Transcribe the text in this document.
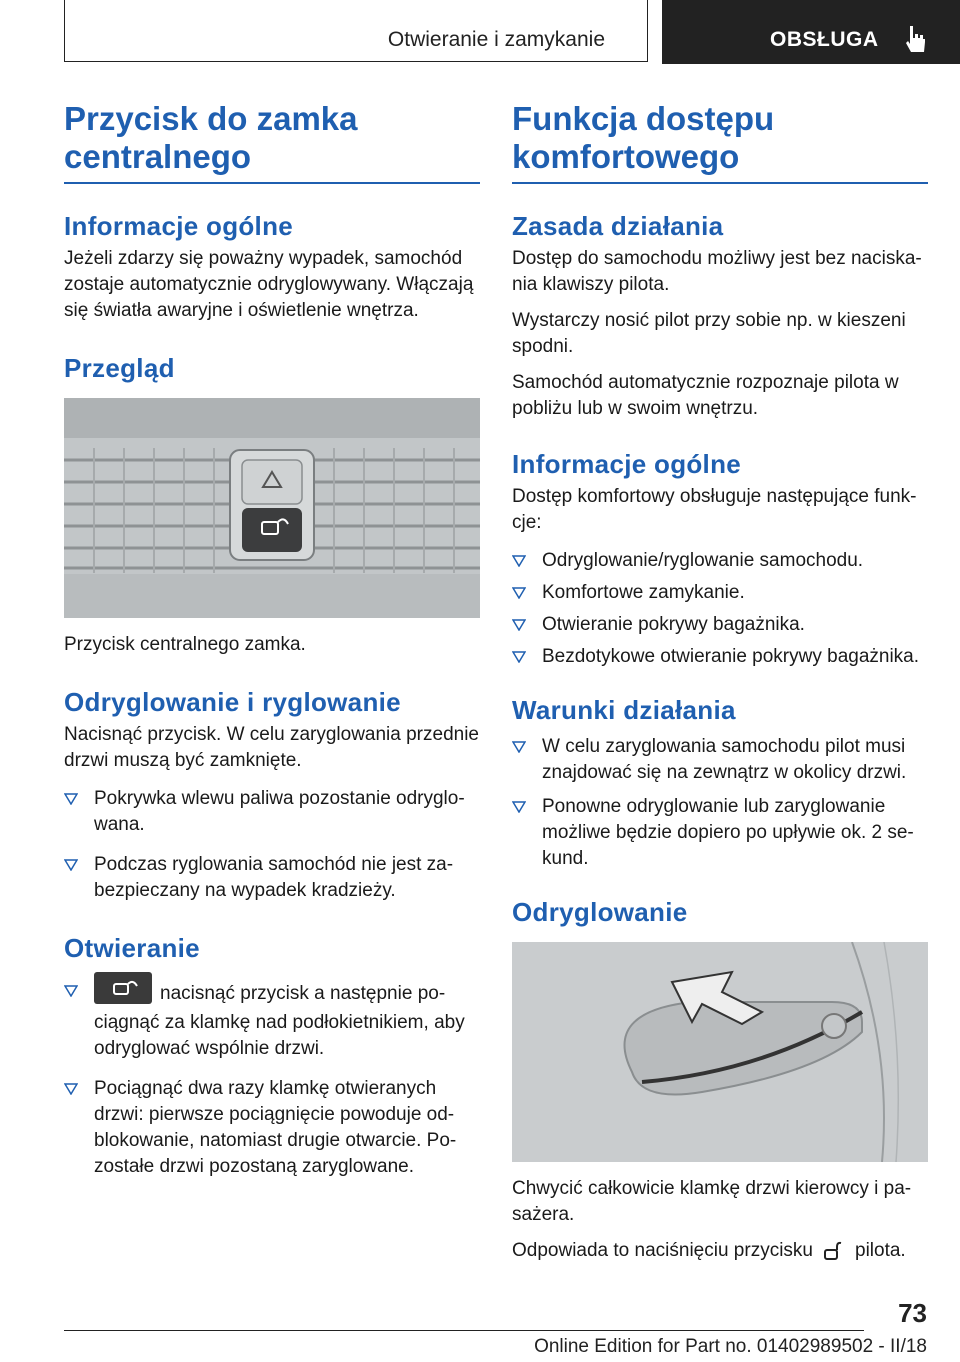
Otwieranie i zamykanie	OBSŁUGA
Przycisk do zamka centralnego
Informacje ogólne

Jeżeli zdarzy się poważny wypadek, samochód zostaje automatycznie odryglowywany. Włączają się światła awaryjne i oświetlenie wnętrza.

Przegląd

Przycisk centralnego zamka.

Odryglowanie i ryglowanie

Nacisnąć przycisk. W celu zaryglowania przednie drzwi muszą być zamknięte.

Pokrywka wlewu paliwa pozostanie odryglo-wana.
Podczas ryglowania samochód nie jest za-bezpieczany na wypadek kradzieży.
Otwieranie
nacisnąć przycisk a następnie po-ciągnąć za klamkę nad podłokietnikiem, aby odryglować wspólnie drzwi.
Pociągnąć dwa razy klamkę otwieranych drzwi: pierwsze pociągnięcie powoduje od-blokowanie, natomiast drugie otwarcie. Po-zostałe drzwi pozostaną zaryglowane.
Funkcja dostępu komfortowego
Zasada działania

Dostęp do samochodu możliwy jest bez naciska-nia klawiszy pilota.

Wystarczy nosić pilot przy sobie np. w kieszeni spodni.

Samochód automatycznie rozpoznaje pilota w pobliżu lub w swoim wnętrzu.

Informacje ogólne

Dostęp komfortowy obsługuje następujące funk-cje:

Odryglowanie/ryglowanie samochodu.
Komfortowe zamykanie.
Otwieranie pokrywy bagażnika.
Bezdotykowe otwieranie pokrywy bagażnika.
Warunki działania
W celu zaryglowania samochodu pilot musi znajdować się na zewnątrz w okolicy drzwi.
Ponowne odryglowanie lub zaryglowanie możliwe będzie dopiero po upływie ok. 2 se-kund.
Odryglowanie

Chwycić całkowicie klamkę drzwi kierowcy i pa-sażera.

Odpowiada to naciśnięciu przycisku pilota.

73
Online Edition for Part no. 01402989502 - II/18
